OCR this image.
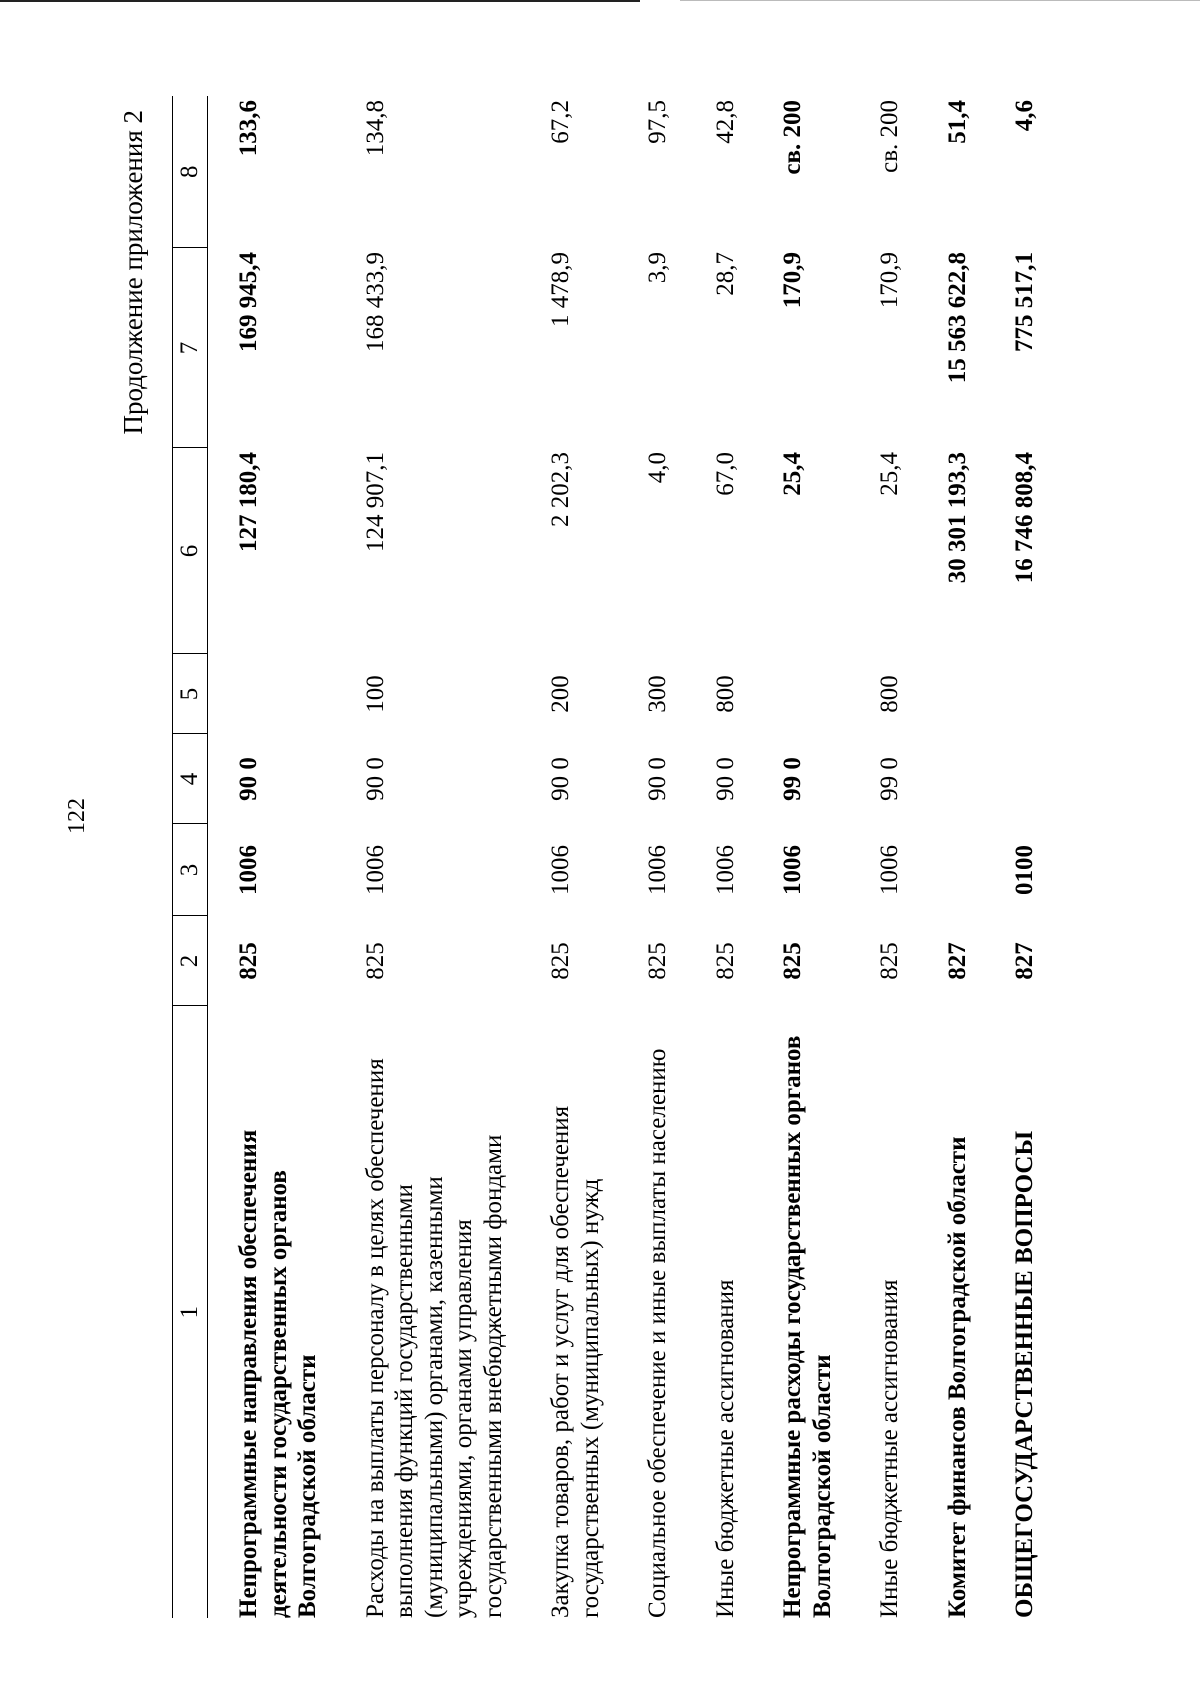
122
Продолжение приложения 2
1	2	3	4	5	6	7	8

Непрограммные направления обеспечения деятельности государственных органов Волгоградской области	825	1006	90 0		127 180,4	169 945,4	133,6

Расходы на выплаты персоналу в целях обеспечения выполнения функций государственными (муниципальными) органами, казенными учреждениями, органами управления государственными внебюджетными фондами	825	1006	90 0	100	124 907,1	168 433,9	134,8

Закупка товаров, работ и услуг для обеспечения государственных (муниципальных) нужд	825	1006	90 0	200	2 202,3	1 478,9	67,2

Социальное обеспечение и иные выплаты населению	825	1006	90 0	300	4,0	3,9	97,5

Иные бюджетные ассигнования	825	1006	90 0	800	67,0	28,7	42,8

Непрограммные расходы государственных органов Волгоградской области	825	1006	99 0		25,4	170,9	св. 200

Иные бюджетные ассигнования	825	1006	99 0	800	25,4	170,9	св. 200

Комитет финансов Волгоградской области	827				30 301 193,3	15 563 622,8	51,4

ОБЩЕГОСУДАРСТВЕННЫЕ ВОПРОСЫ	827	0100			16 746 808,4	775 517,1	4,6
